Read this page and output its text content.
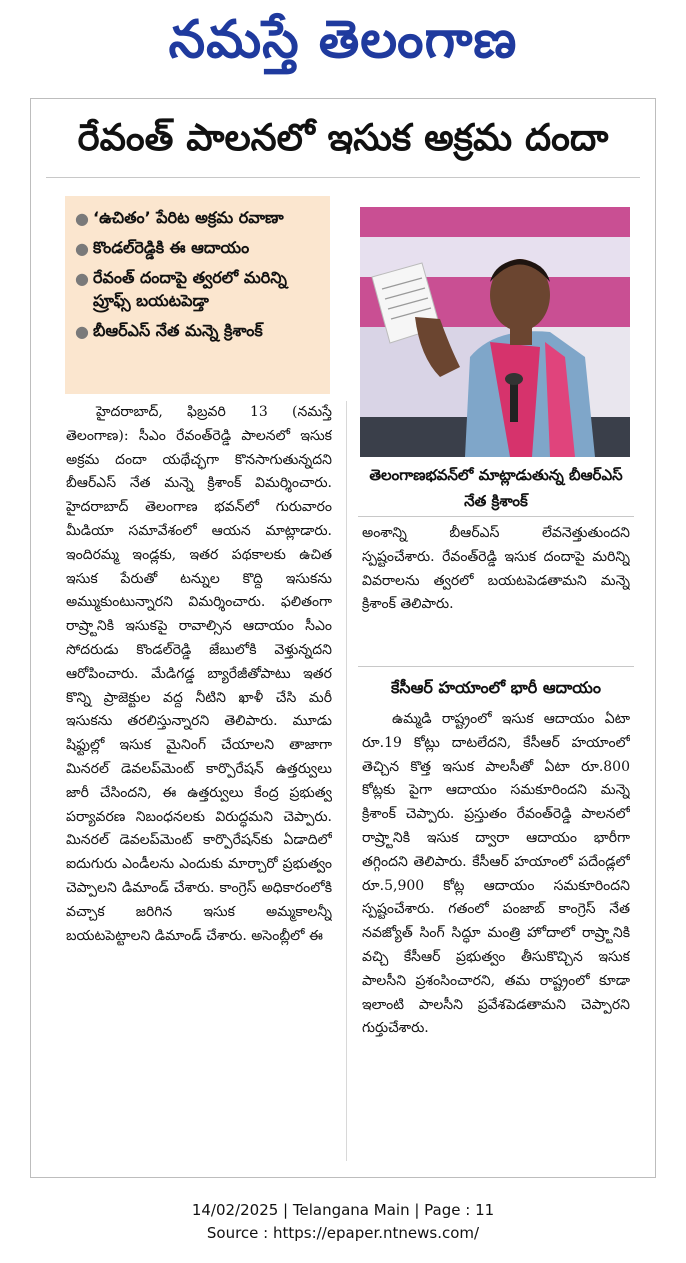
నమస్తే తెలంగాణ
రేవంత్ పాలనలో ఇసుక అక్రమ దందా
● ‘ఉచితం’ పేరిట అక్రమ రవాణా
● కొండల్‌రెడ్డికి ఈ ఆదాయం
● రేవంత్ దందాపై త్వరలో మరిన్ని ప్రూఫ్స్ బయటపెడ్తా
● బీఆర్‌ఎస్ నేత మన్నె క్రిశాంక్
తెలంగాణభవన్‌లో మాట్లాడుతున్న బీఆర్‌ఎస్ నేత క్రిశాంక్

హైదరాబాద్, ఫిబ్రవరి 13 (నమస్తే తెలంగాణ): సీఎం రేవంత్‌రెడ్డి పాలనలో ఇసుక అక్రమ దందా యథేచ్ఛగా కొనసాగుతున్నదని బీఆర్‌ఎస్ నేత మన్నె క్రిశాంక్ విమర్శించారు. హైదరాబాద్ తెలంగాణ భవన్‌లో గురువారం మీడియా సమావేశంలో ఆయన మాట్లాడారు. ఇందిరమ్మ ఇండ్లకు, ఇతర పథకాలకు ఉచిత ఇసుక పేరుతో టన్నుల కొద్ది ఇసుకను అమ్ముకుంటున్నారని విమర్శించారు. ఫలితంగా రాష్ర్టానికి ఇసుకపై రావాల్సిన ఆదాయం సీఎం సోదరుడు కొండల్‌రెడ్డి జేబులోకి వెళ్తున్నదని ఆరోపించారు. మేడిగడ్డ బ్యారేజీతోపాటు ఇతర కొన్ని ప్రాజెక్టుల వద్ద నీటిని ఖాళీ చేసి మరీ ఇసుకను తరలిస్తున్నారని తెలిపారు. మూడు షిఫ్టుల్లో ఇసుక మైనింగ్ చేయాలని తాజాగా మినరల్ డెవలప్‌మెంట్ కార్పొరేషన్ ఉత్తర్వులు జారీ చేసిందని, ఈ ఉత్తర్వులు కేంద్ర ప్రభుత్వ పర్యావరణ నిబంధనలకు విరుద్ధమని చెప్పారు. మినరల్ డెవలప్‌మెంట్ కార్పొరేషన్‌కు ఏడాదిలో ఐదుగురు ఎండీలను ఎందుకు మార్చారో ప్రభుత్వం చెప్పాలని డిమాండ్ చేశారు. కాంగ్రెస్ అధికారంలోకి వచ్చాక జరిగిన ఇసుక అమ్మకాలన్నీ బయటపెట్టాలని డిమాండ్ చేశారు. అసెంబ్లీలో ఈ

అంశాన్ని బీఆర్‌ఎస్ లేవనెత్తుతుందని స్పష్టంచేశారు. రేవంత్‌రెడ్డి ఇసుక దందాపై మరిన్ని వివరాలను త్వరలో బయటపెడతామని మన్నె క్రిశాంక్ తెలిపారు.

కేసీఆర్ హయాంలో భారీ ఆదాయం

ఉమ్మడి రాష్ట్రంలో ఇసుక ఆదాయం ఏటా రూ.19 కోట్లు దాటలేదని, కేసీఆర్ హయాంలో తెచ్చిన కొత్త ఇసుక పాలసీతో ఏటా రూ.800 కోట్లకు పైగా ఆదాయం సమకూరిందని మన్నె క్రిశాంక్ చెప్పారు. ప్రస్తుతం రేవంత్‌రెడ్డి పాలనలో రాష్ర్టానికి ఇసుక ద్వారా ఆదాయం భారీగా తగ్గిందని తెలిపారు. కేసీఆర్ హయాంలో పదేండ్లలో రూ.5,900 కోట్ల ఆదాయం సమకూరిందని స్పష్టంచేశారు. గతంలో పంజాబ్ కాంగ్రెస్ నేత నవజ్యోత్ సింగ్ సిద్ధూ మంత్రి హోదాలో రాష్ర్టానికి వచ్చి కేసీఆర్ ప్రభుత్వం తీసుకొచ్చిన ఇసుక పాలసీని ప్రశంసించారని, తమ రాష్ట్రంలో కూడా ఇలాంటి పాలసీని ప్రవేశపెడతామని చెప్పారని గుర్తుచేశారు.

14/02/2025 | Telangana Main | Page : 11
Source : https://epaper.ntnews.com/
